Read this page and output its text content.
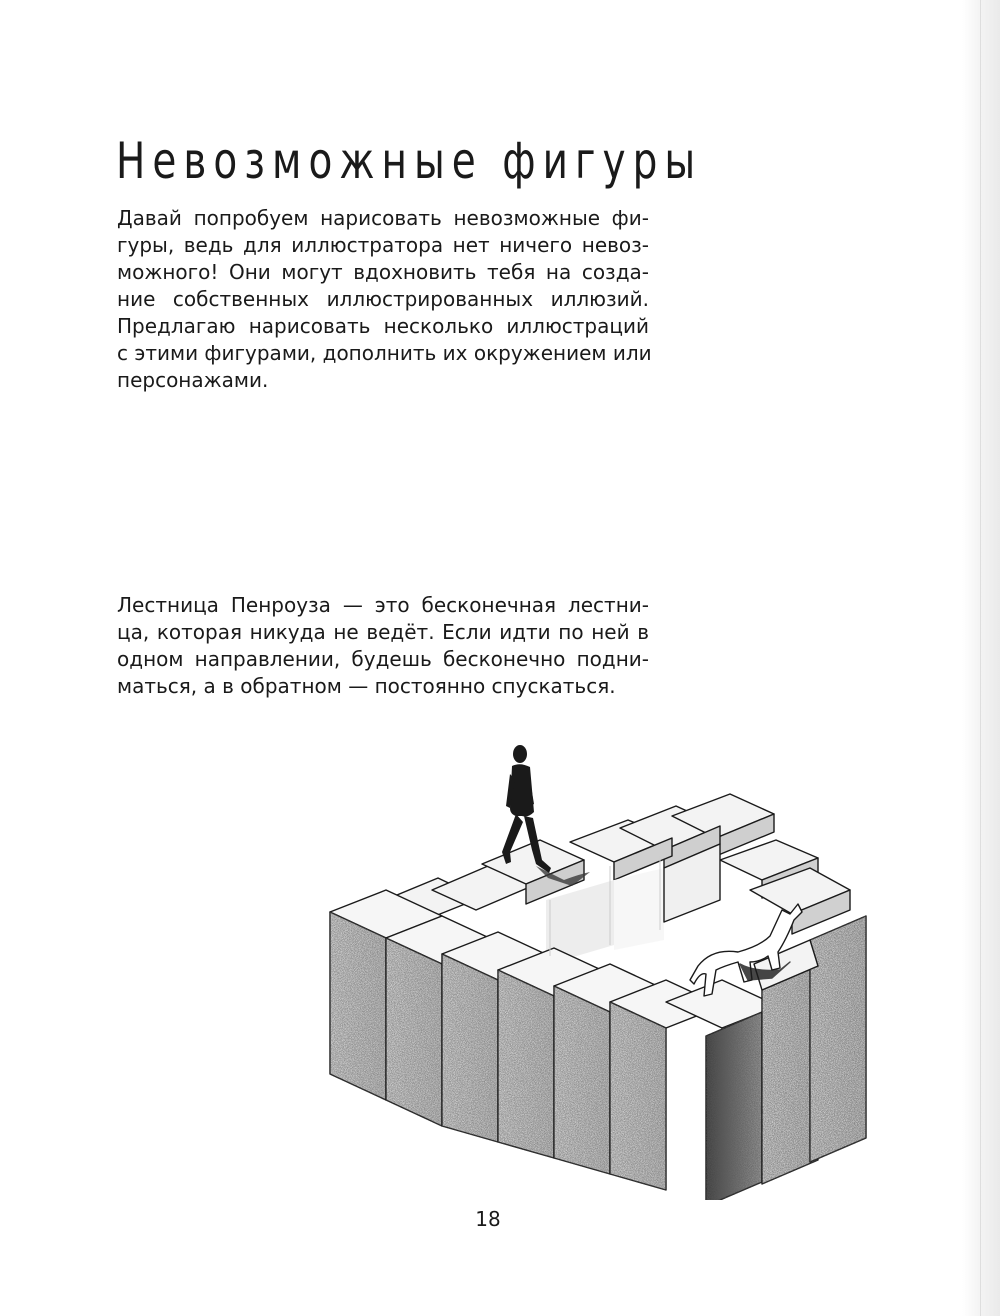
Невозможные фигуры

Давай попробуем нарисовать невозможные фи-
гуры, ведь для иллюстратора нет ничего невоз-
можного! Они могут вдохновить тебя на созда-
ние собственных иллюстрированных иллюзий.
Предлагаю нарисовать несколько иллюстраций
с этими фигурами, дополнить их окружением или
персонажами.

Лестница Пенроуза — это бесконечная лестни-
ца, которая никуда не ведёт. Если идти по ней в
одном направлении, будешь бесконечно подни-
маться, а в обратном — постоянно спускаться.

18
